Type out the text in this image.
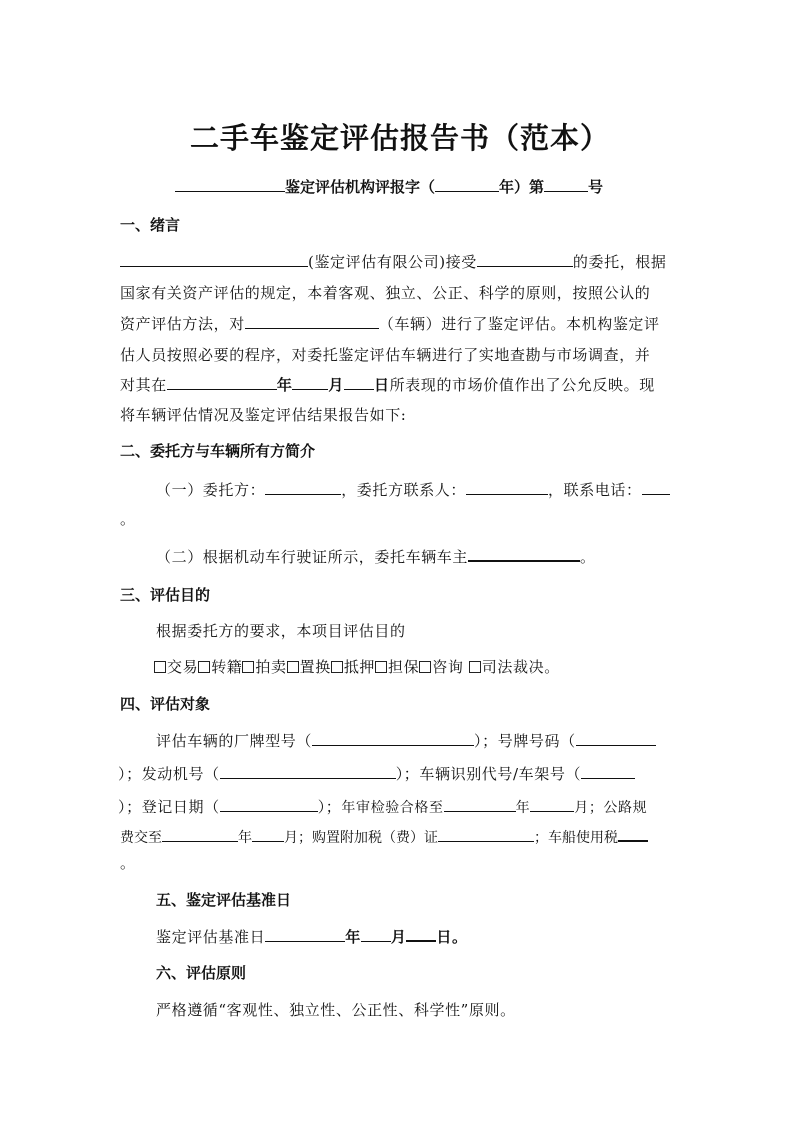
二手车鉴定评估报告书（范本）
鉴定评估机构评报字（	年）第	号
一、绪言
(鉴定评估有限公司)接受	的委托，根据
国家有关资产评估的规定，本着客观、独立、公正、科学的原则，按照公认的
资产评估方法，对	（车辆）进行了鉴定评估。本机构鉴定评
估人员按照必要的程序，对委托鉴定评估车辆进行了实地查勘与市场调查，并
对其在	年 月 日所表现的市场价值作出了公允反映。现
将车辆评估情况及鉴定评估结果报告如下:
二、委托方与车辆所有方简介
（一）委托方：	，委托方联系人：	，联系电话：
。
（二）根据机动车行驶证所示，委托车辆车主	。
三、评估目的
根据委托方的要求，本项目评估目的
交易 转籍 拍卖 置换 抵押 担保 咨询 司法裁决。
四、评估对象
评估车辆的厂牌型号（	）；号牌号码（
）；发动机号（	）；车辆识别代号/车架号（
）；登记日期（	）；年审检验合格至	年	月；公路规
费交至	年 月；购置附加税（费）证	；车船使用税
。
五、鉴定评估基准日
鉴定评估基准日	年 月 日。
六、评估原则
严格遵循“客观性、独立性、公正性、科学性”原则。
